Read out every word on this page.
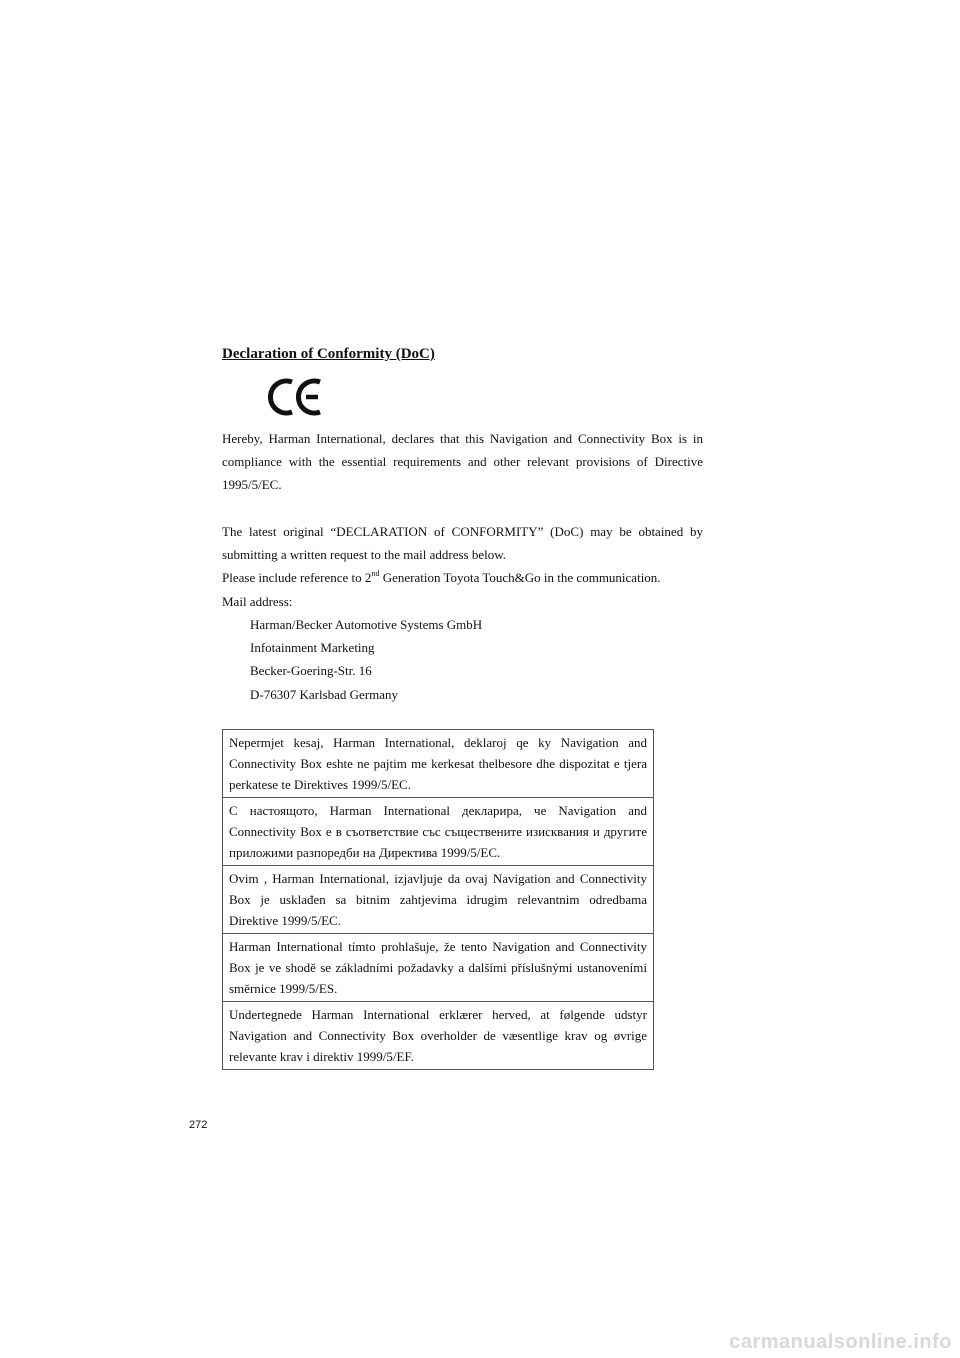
Declaration of Conformity (DoC)

Hereby, Harman International, declares that this Navigation and Connectivity Box is in compliance with the essential requirements and other relevant provisions of Directive 1995/5/EC.

The latest original “DECLARATION of CONFORMITY” (DoC) may be obtained by submitting a written request to the mail address below.

Please include reference to 2nd Generation Toyota Touch&Go in the communication.

Mail address:

Harman/Becker Automotive Systems GmbH

Infotainment Marketing

Becker-Goering-Str. 16

D-76307 Karlsbad Germany

Nepermjet kesaj, Harman International, deklaroj qe ky Navigation and Connectivity Box eshte ne pajtim me kerkesat thelbesore dhe dispozitat e tjera perkatese te Direktives 1999/5/EC.
С настоящото, Harman International декларира, че Navigation and Connectivity Box е в съответствие със съществените изисквания и другите приложими разпоредби на Директива 1999/5/EC.
Ovim , Harman International, izjavljuje da ovaj Navigation and Connectivity Box je usklađen sa bitnim zahtjevima idrugim relevantnim odredbama Direktive 1999/5/EC.
Harman International tímto prohlašuje, že tento Navigation and Connectivity Box je ve shodě se základními požadavky a dalšími příslušnými ustanoveními směrnice 1999/5/ES.
Undertegnede Harman International erklærer herved, at følgende udstyr Navigation and Connectivity Box overholder de væsentlige krav og øvrige relevante krav i direktiv 1999/5/EF.

272

carmanualsonline.info
